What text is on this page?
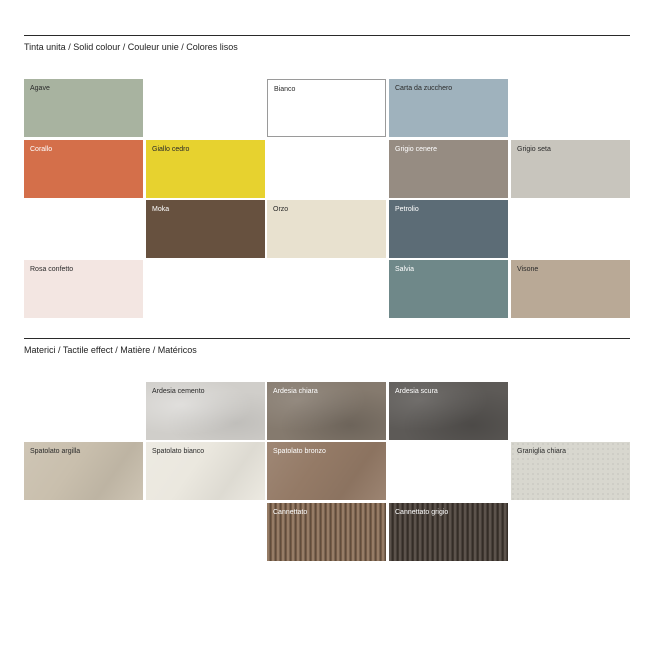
Tinta unita / Solid colour / Couleur unie / Colores lisos
Agave	Bianco	Carta da zucchero
Corallo	Giallo cedro	Grigio cenere	Grigio seta
Moka	Orzo	Petrolio
Rosa confetto	Salvia	Visone
Materici / Tactile effect / Matière / Matéricos
Ardesia cemento	Ardesia chiara	Ardesia scura
Spatolato argilla	Spatolato bianco	Spatolato bronzo	Graniglia chiara
Cannettato	Cannettato grigio
